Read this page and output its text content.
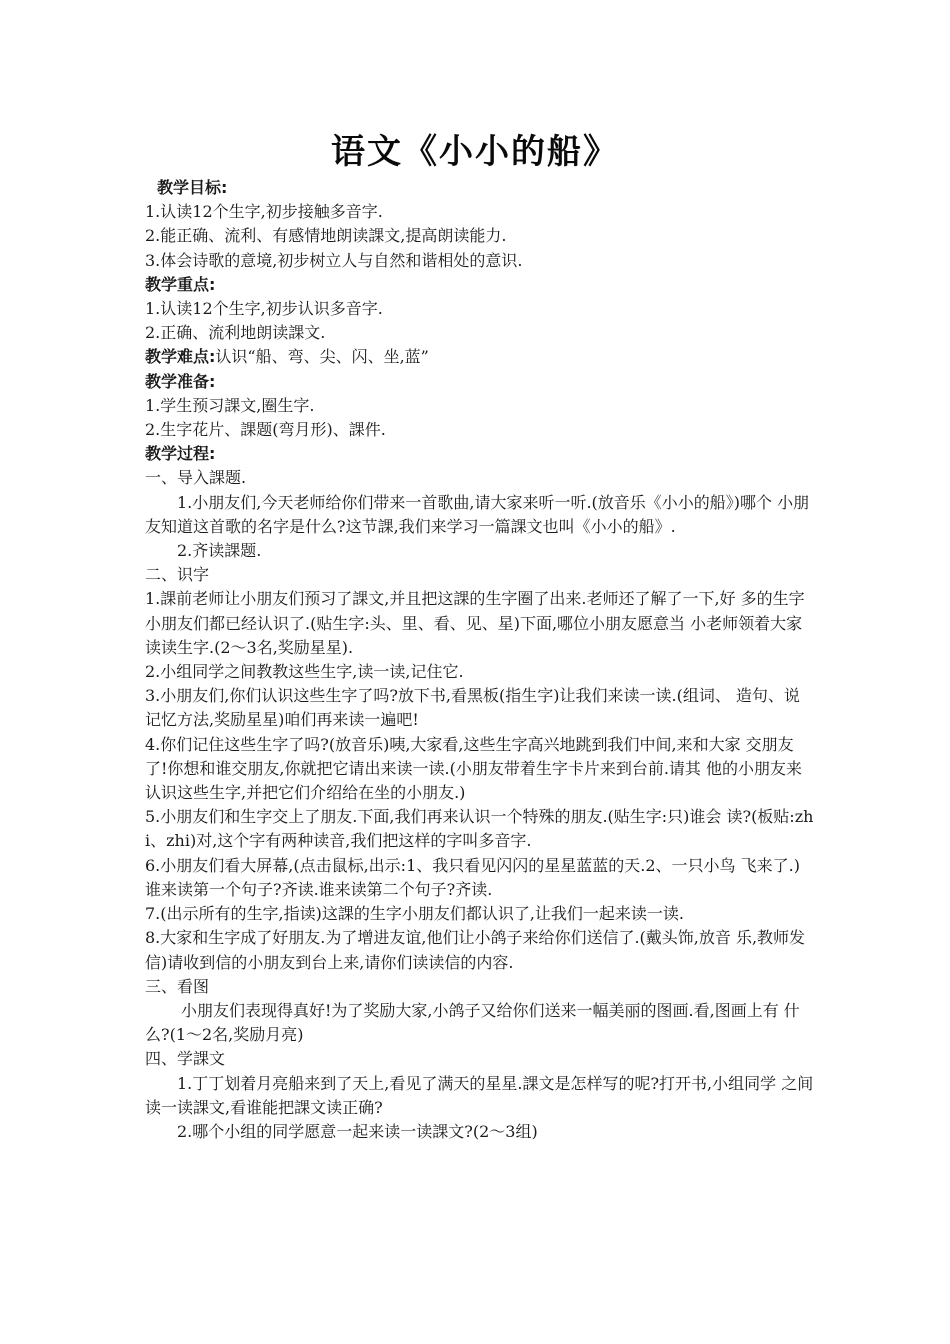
语文《小小的船》

教学目标:

1.认读12个生字,初步接触多音字.

2.能正确、流利、有感情地朗读課文,提高朗读能力.

3.体会诗歌的意境,初步树立人与自然和谐相处的意识.

教学重点:

1.认读12个生字,初步认识多音字.

2.正确、流利地朗读課文.

教学难点:认识“船、弯、尖、闪、坐,蓝”

教学准备:

1.学生预习課文,圈生字.

2.生字花片、課题(弯月形)、課件.

教学过程:

一、导入課题.

1.小朋友们,今天老师给你们带来一首歌曲,请大家来听一听.(放音乐《小小的船》)哪个 小朋友知道这首歌的名字是什么?这节課,我们来学习一篇課文也叫《小小的船》.

2.齐读課题.

二、识字

1.課前老师让小朋友们预习了課文,并且把这課的生字圈了出来.老师还了解了一下,好 多的生字小朋友们都已经认识了.(贴生字:头、里、看、见、星)下面,哪位小朋友愿意当 小老师领着大家读读生字.(2～3名,奖励星星).

2.小组同学之间教教这些生字,读一读,记住它.

3.小朋友们,你们认识这些生字了吗?放下书,看黑板(指生字)让我们来读一读.(组词、 造句、说记忆方法,奖励星星)咱们再来读一遍吧!

4.你们记住这些生字了吗?(放音乐)咦,大家看,这些生字高兴地跳到我们中间,来和大家 交朋友了!你想和谁交朋友,你就把它请出来读一读.(小朋友带着生字卡片来到台前.请其 他的小朋友来认识这些生字,并把它们介绍给在坐的小朋友.)

5.小朋友们和生字交上了朋友.下面,我们再来认识一个特殊的朋友.(贴生字:只)谁会 读?(板贴:zhi、zhi)对,这个字有两种读音,我们把这样的字叫多音字.

6.小朋友们看大屏幕,(点击鼠标,出示:1、我只看见闪闪的星星蓝蓝的天.2、一只小鸟 飞来了.)谁来读第一个句子?齐读.谁来读第二个句子?齐读.

7.(出示所有的生字,指读)这課的生字小朋友们都认识了,让我们一起来读一读.

8.大家和生字成了好朋友.为了增进友谊,他们让小鸽子来给你们送信了.(戴头饰,放音 乐,教师发信)请收到信的小朋友到台上来,请你们读读信的内容.

三、看图

小朋友们表现得真好!为了奖励大家,小鸽子又给你们送来一幅美丽的图画.看,图画上有 什么?(1～2名,奖励月亮)

四、学課文

1.丁丁划着月亮船来到了天上,看见了满天的星星.課文是怎样写的呢?打开书,小组同学 之间读一读課文,看谁能把課文读正确?

2.哪个小组的同学愿意一起来读一读課文?(2～3组)
